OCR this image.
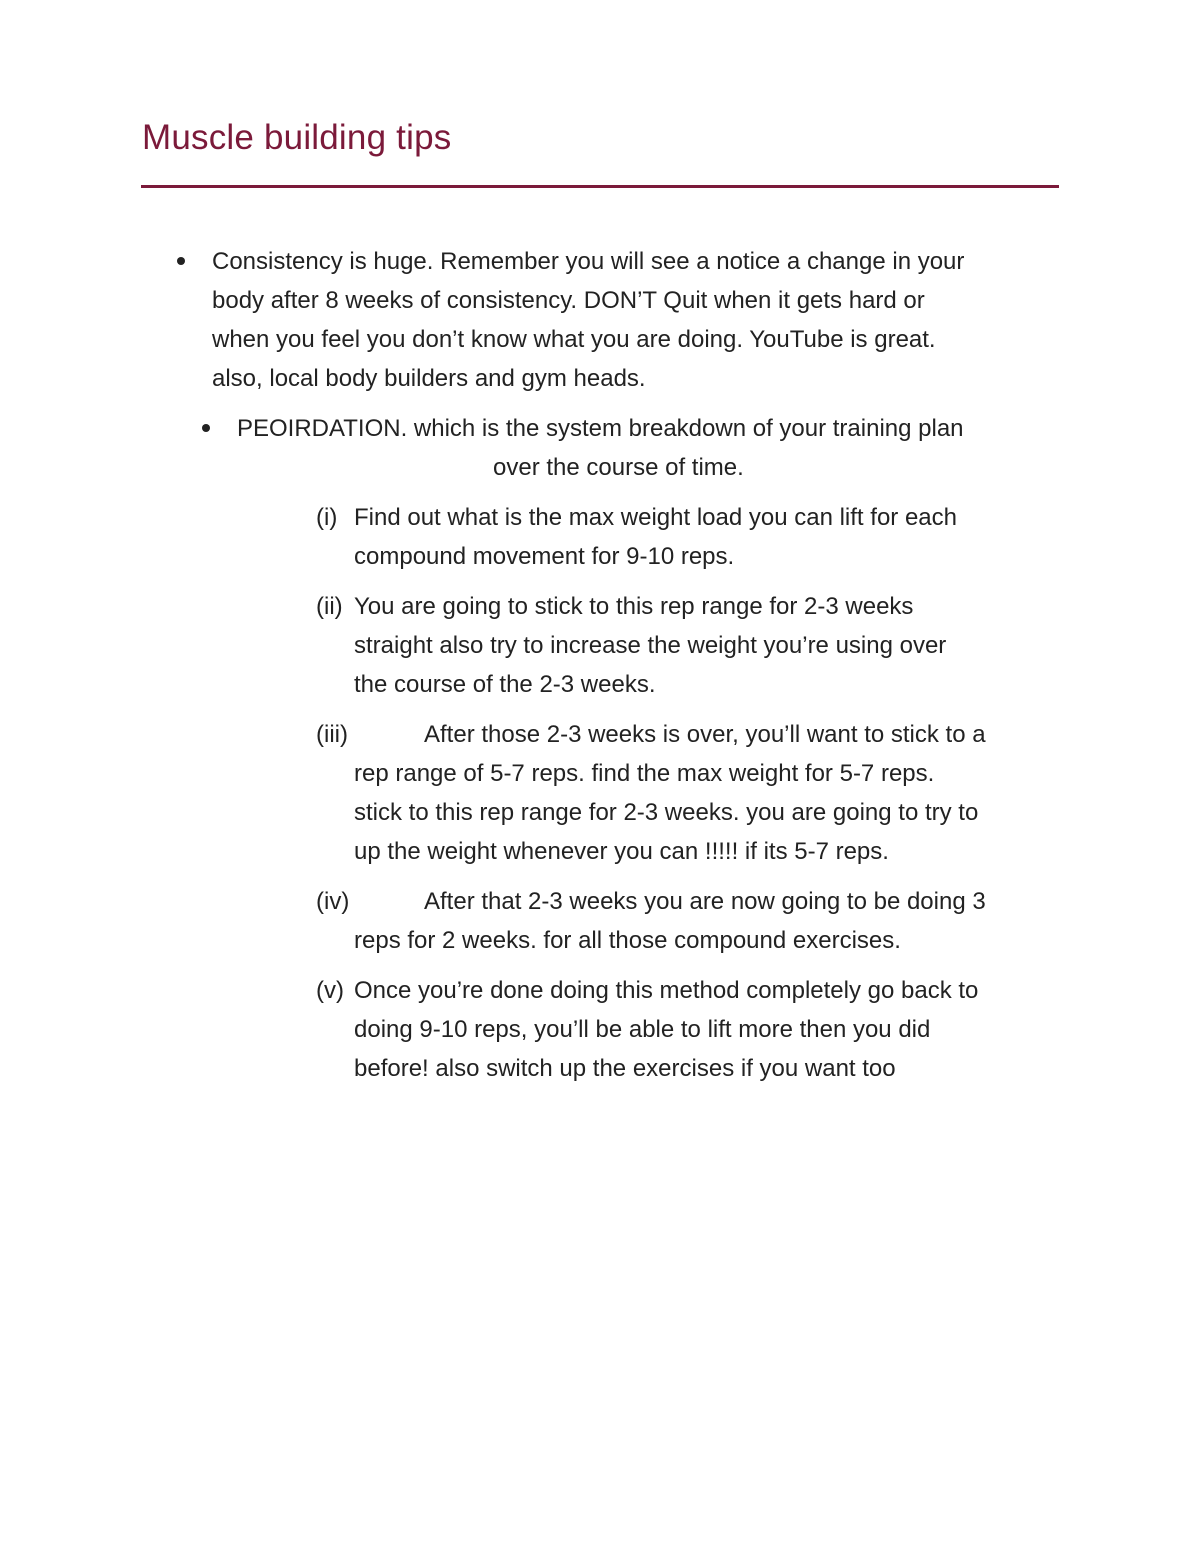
Muscle building tips
Consistency is huge. Remember you will see a notice a change in your
body after 8 weeks of consistency. DON’T Quit when it gets hard or
when you feel you don’t know what you are doing. YouTube is great.
also, local body builders and gym heads.
PEOIRDATION. which is the system breakdown of your training plan
over the course of time.
(i) Find out what is the max weight load you can lift for each
compound movement for 9-10 reps.
(ii) You are going to stick to this rep range for 2-3 weeks
straight also try to increase the weight you’re using over
the course of the 2-3 weeks.
(iii)	After those 2-3 weeks is over, you’ll want to stick to a
rep range of 5-7 reps. find the max weight for 5-7 reps.
stick to this rep range for 2-3 weeks. you are going to try to
up the weight whenever you can !!!!! if its 5-7 reps.
(iv)	After that 2-3 weeks you are now going to be doing 3
reps for 2 weeks. for all those compound exercises.
(v) Once you’re done doing this method completely go back to
doing 9-10 reps, you’ll be able to lift more then you did
before! also switch up the exercises if you want too
